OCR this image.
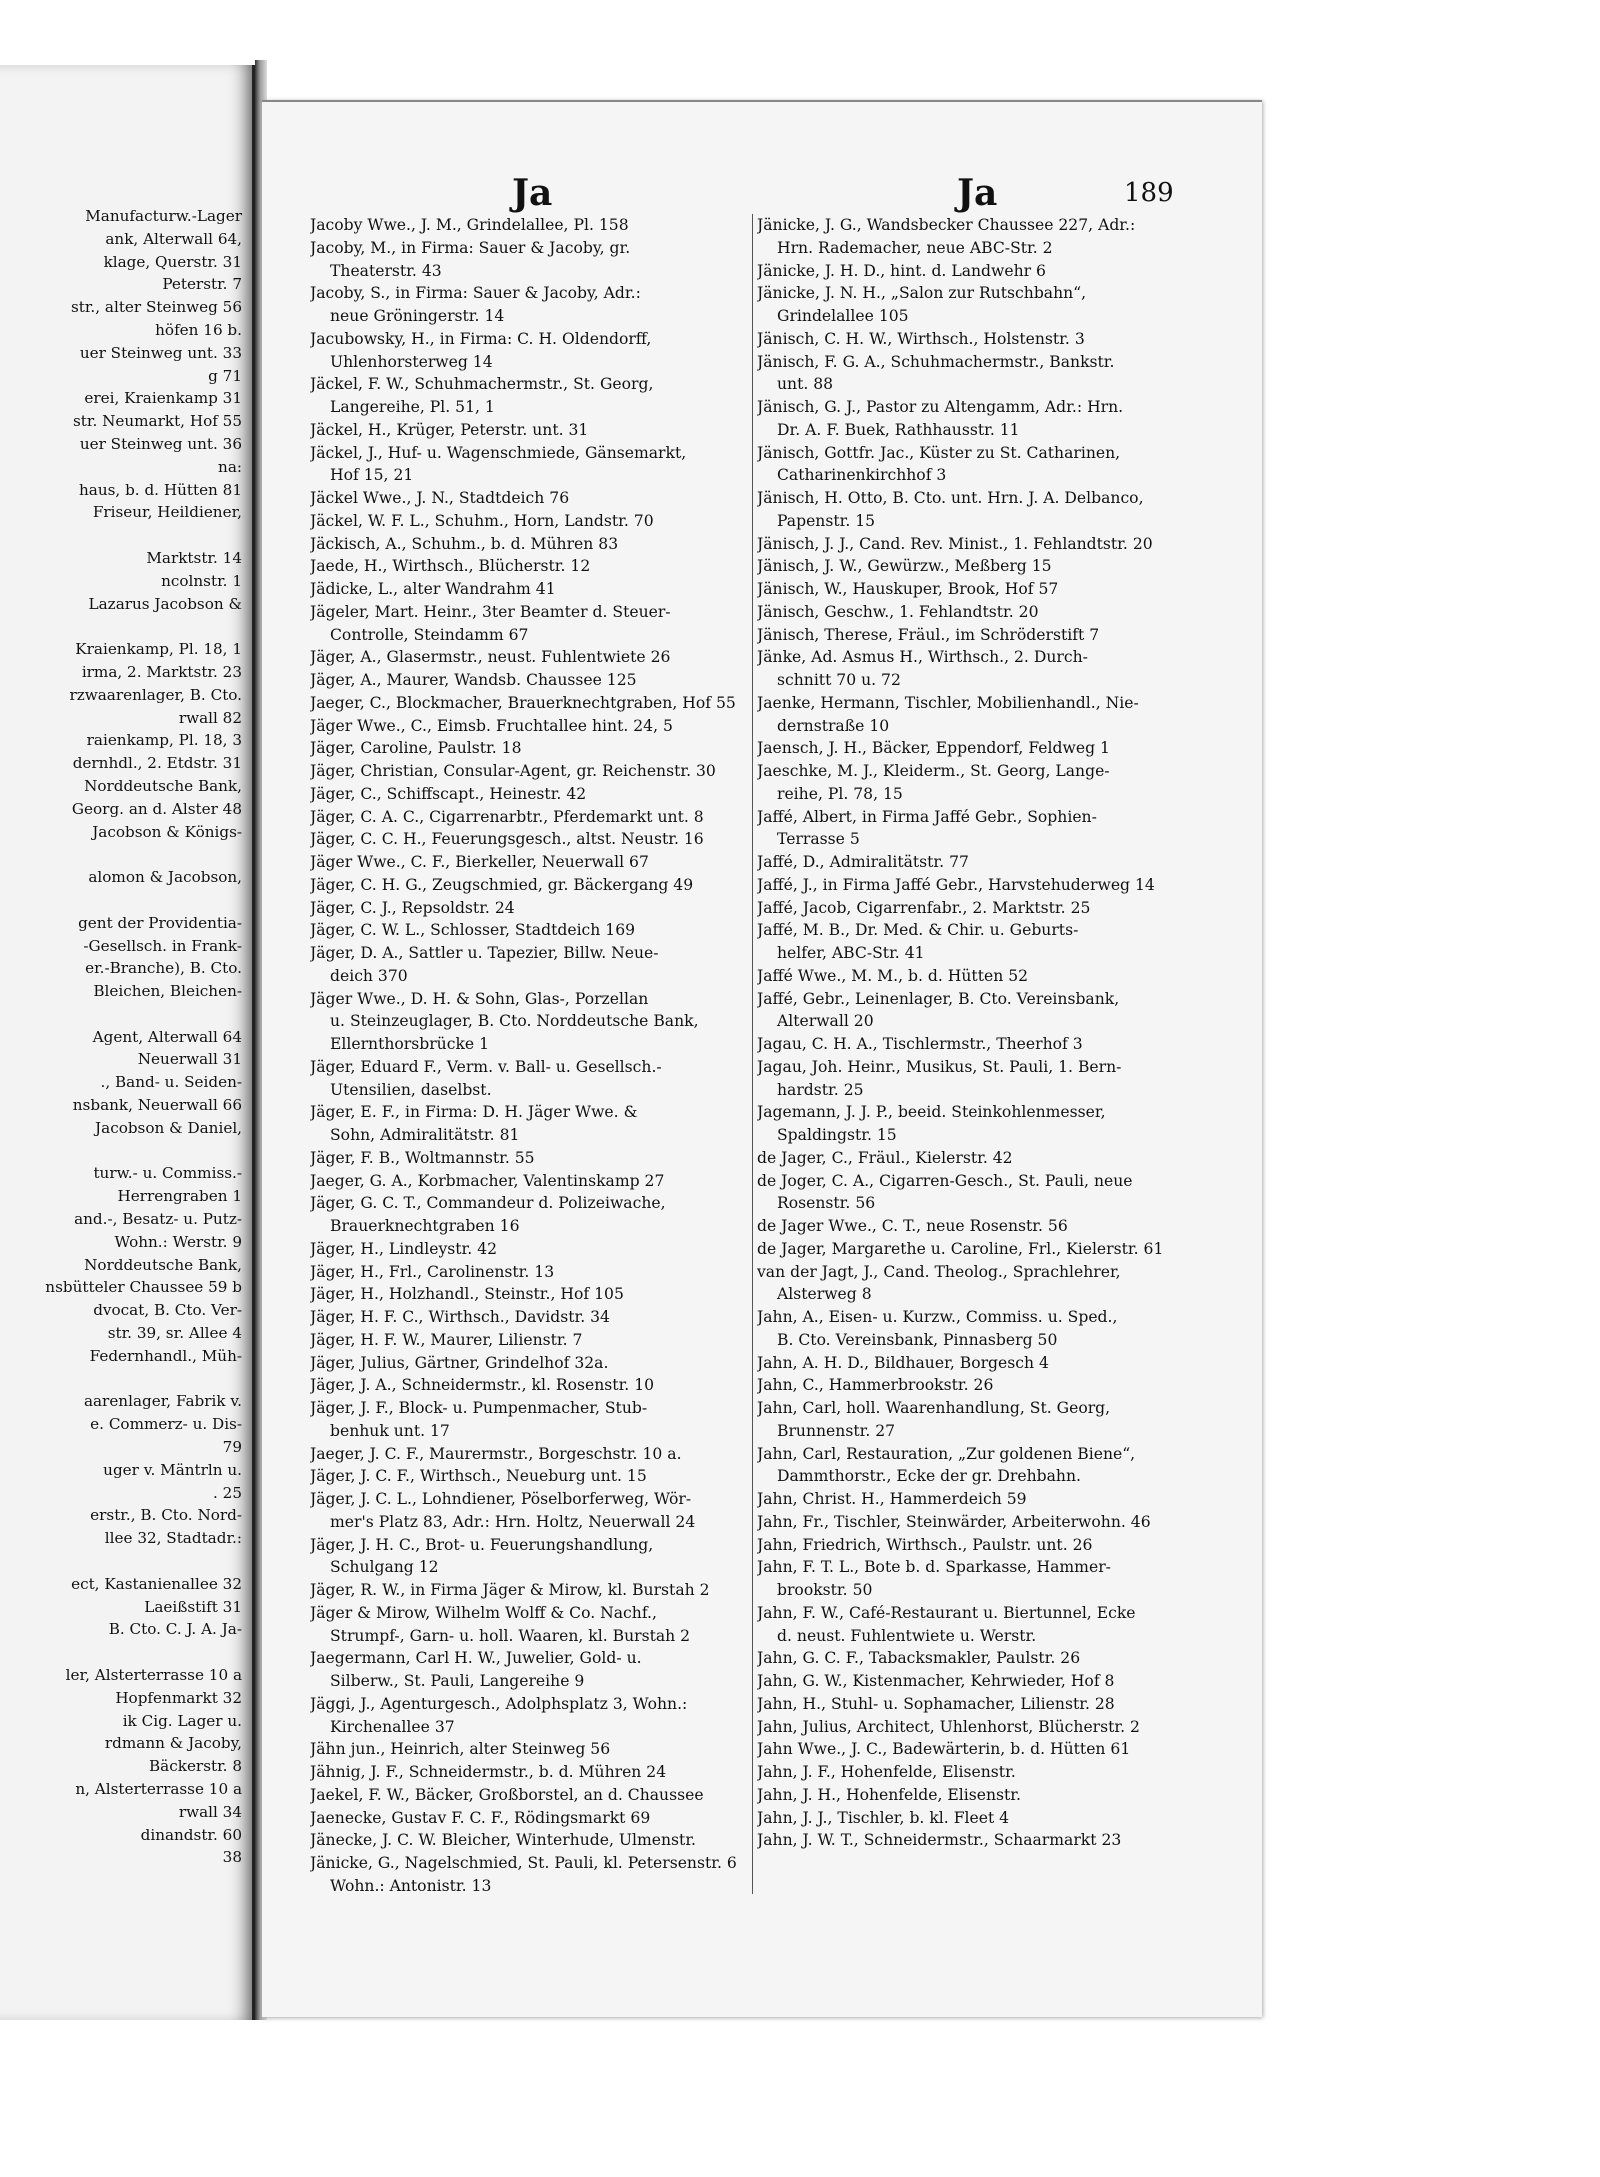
Manufacturw.-Lager
ank, Alterwall 64,
klage, Querstr. 31
Peterstr. 7
str., alter Steinweg 56
höfen 16 b.
uer Steinweg unt. 33
g 71
erei, Kraienkamp 31
str. Neumarkt, Hof 55
uer Steinweg unt. 36
na:
haus, b. d. Hütten 81
Friseur, Heildiener,

Marktstr. 14
ncolnstr. 1
Lazarus Jacobson &

Kraienkamp, Pl. 18, 1
irma, 2. Marktstr. 23
rzwaarenlager, B. Cto.
rwall 82
raienkamp, Pl. 18, 3
dernhdl., 2. Etdstr. 31
Norddeutsche Bank,
Georg. an d. Alster 48
Jacobson & Königs-

alomon & Jacobson,

gent der Providentia-
-Gesellsch. in Frank-
er.-Branche), B. Cto.
Bleichen, Bleichen-

Agent, Alterwall 64
Neuerwall 31
., Band- u. Seiden-
nsbank, Neuerwall 66
Jacobson & Daniel,

turw.- u. Commiss.-
Herrengraben 1
and.-, Besatz- u. Putz-
Wohn.: Werstr. 9
Norddeutsche Bank,
nsbütteler Chaussee 59 b
dvocat, B. Cto. Ver-
str. 39, sr. Allee 4
Federnhandl., Müh-

aarenlager, Fabrik v.
e. Commerz- u. Dis-
79
uger v. Mäntrln u.
. 25
erstr., B. Cto. Nord-
llee 32, Stadtadr.:

ect, Kastanienallee 32
Laeißstift 31
B. Cto. C. J. A. Ja-

ler, Alsterterrasse 10 a
Hopfenmarkt 32
ik Cig. Lager u.
rdmann & Jacoby,
Bäckerstr. 8
n, Alsterterrasse 10 a
rwall 34
dinandstr. 60
38
Ja	Ja	189
Jacoby Wwe., J. M., Grindelallee, Pl. 158
Jacoby, M., in Firma: Sauer & Jacoby, gr.
Theaterstr. 43
Jacoby, S., in Firma: Sauer & Jacoby, Adr.:
neue Gröningerstr. 14
Jacubowsky, H., in Firma: C. H. Oldendorff,
Uhlenhorsterweg 14
Jäckel, F. W., Schuhmachermstr., St. Georg,
Langereihe, Pl. 51, 1
Jäckel, H., Krüger, Peterstr. unt. 31
Jäckel, J., Huf- u. Wagenschmiede, Gänsemarkt,
Hof 15, 21
Jäckel Wwe., J. N., Stadtdeich 76
Jäckel, W. F. L., Schuhm., Horn, Landstr. 70
Jäckisch, A., Schuhm., b. d. Mühren 83
Jaede, H., Wirthsch., Blücherstr. 12
Jädicke, L., alter Wandrahm 41
Jägeler, Mart. Heinr., 3ter Beamter d. Steuer-
Controlle, Steindamm 67
Jäger, A., Glasermstr., neust. Fuhlentwiete 26
Jäger, A., Maurer, Wandsb. Chaussee 125
Jaeger, C., Blockmacher, Brauerknechtgraben, Hof 55
Jäger Wwe., C., Eimsb. Fruchtallee hint. 24, 5
Jäger, Caroline, Paulstr. 18
Jäger, Christian, Consular-Agent, gr. Reichenstr. 30
Jäger, C., Schiffscapt., Heinestr. 42
Jäger, C. A. C., Cigarrenarbtr., Pferdemarkt unt. 8
Jäger, C. C. H., Feuerungsgesch., altst. Neustr. 16
Jäger Wwe., C. F., Bierkeller, Neuerwall 67
Jäger, C. H. G., Zeugschmied, gr. Bäckergang 49
Jäger, C. J., Repsoldstr. 24
Jäger, C. W. L., Schlosser, Stadtdeich 169
Jäger, D. A., Sattler u. Tapezier, Billw. Neue-
deich 370
Jäger Wwe., D. H. & Sohn, Glas-, Porzellan
u. Steinzeuglager, B. Cto. Norddeutsche Bank,
Ellernthorsbrücke 1
Jäger, Eduard F., Verm. v. Ball- u. Gesellsch.-
Utensilien, daselbst.
Jäger, E. F., in Firma: D. H. Jäger Wwe. &
Sohn, Admiralitätstr. 81
Jäger, F. B., Woltmannstr. 55
Jaeger, G. A., Korbmacher, Valentinskamp 27
Jäger, G. C. T., Commandeur d. Polizeiwache,
Brauerknechtgraben 16
Jäger, H., Lindleystr. 42
Jäger, H., Frl., Carolinenstr. 13
Jäger, H., Holzhandl., Steinstr., Hof 105
Jäger, H. F. C., Wirthsch., Davidstr. 34
Jäger, H. F. W., Maurer, Lilienstr. 7
Jäger, Julius, Gärtner, Grindelhof 32a.
Jäger, J. A., Schneidermstr., kl. Rosenstr. 10
Jäger, J. F., Block- u. Pumpenmacher, Stub-
benhuk unt. 17
Jaeger, J. C. F., Maurermstr., Borgeschstr. 10 a.
Jäger, J. C. F., Wirthsch., Neueburg unt. 15
Jäger, J. C. L., Lohndiener, Pöselborferweg, Wör-
mer's Platz 83, Adr.: Hrn. Holtz, Neuerwall 24
Jäger, J. H. C., Brot- u. Feuerungshandlung,
Schulgang 12
Jäger, R. W., in Firma Jäger & Mirow, kl. Burstah 2
Jäger & Mirow, Wilhelm Wolff & Co. Nachf.,
Strumpf-, Garn- u. holl. Waaren, kl. Burstah 2
Jaegermann, Carl H. W., Juwelier, Gold- u.
Silberw., St. Pauli, Langereihe 9
Jäggi, J., Agenturgesch., Adolphsplatz 3, Wohn.:
Kirchenallee 37
Jähn jun., Heinrich, alter Steinweg 56
Jähnig, J. F., Schneidermstr., b. d. Mühren 24
Jaekel, F. W., Bäcker, Großborstel, an d. Chaussee
Jaenecke, Gustav F. C. F., Rödingsmarkt 69
Jänecke, J. C. W. Bleicher, Winterhude, Ulmenstr.
Jänicke, G., Nagelschmied, St. Pauli, kl. Petersenstr. 6
Wohn.: Antonistr. 13
Jänicke, J. G., Wandsbecker Chaussee 227, Adr.:
Hrn. Rademacher, neue ABC-Str. 2
Jänicke, J. H. D., hint. d. Landwehr 6
Jänicke, J. N. H., „Salon zur Rutschbahn“,
Grindelallee 105
Jänisch, C. H. W., Wirthsch., Holstenstr. 3
Jänisch, F. G. A., Schuhmachermstr., Bankstr.
unt. 88
Jänisch, G. J., Pastor zu Altengamm, Adr.: Hrn.
Dr. A. F. Buek, Rathhausstr. 11
Jänisch, Gottfr. Jac., Küster zu St. Catharinen,
Catharinenkirchhof 3
Jänisch, H. Otto, B. Cto. unt. Hrn. J. A. Delbanco,
Papenstr. 15
Jänisch, J. J., Cand. Rev. Minist., 1. Fehlandtstr. 20
Jänisch, J. W., Gewürzw., Meßberg 15
Jänisch, W., Hauskuper, Brook, Hof 57
Jänisch, Geschw., 1. Fehlandtstr. 20
Jänisch, Therese, Fräul., im Schröderstift 7
Jänke, Ad. Asmus H., Wirthsch., 2. Durch-
schnitt 70 u. 72
Jaenke, Hermann, Tischler, Mobilienhandl., Nie-
dernstraße 10
Jaensch, J. H., Bäcker, Eppendorf, Feldweg 1
Jaeschke, M. J., Kleiderm., St. Georg, Lange-
reihe, Pl. 78, 15
Jaffé, Albert, in Firma Jaffé Gebr., Sophien-
Terrasse 5
Jaffé, D., Admiralitätstr. 77
Jaffé, J., in Firma Jaffé Gebr., Harvstehuderweg 14
Jaffé, Jacob, Cigarrenfabr., 2. Marktstr. 25
Jaffé, M. B., Dr. Med. & Chir. u. Geburts-
helfer, ABC-Str. 41
Jaffé Wwe., M. M., b. d. Hütten 52
Jaffé, Gebr., Leinenlager, B. Cto. Vereinsbank,
Alterwall 20
Jagau, C. H. A., Tischlermstr., Theerhof 3
Jagau, Joh. Heinr., Musikus, St. Pauli, 1. Bern-
hardstr. 25
Jagemann, J. J. P., beeid. Steinkohlenmesser,
Spaldingstr. 15
de Jager, C., Fräul., Kielerstr. 42
de Joger, C. A., Cigarren-Gesch., St. Pauli, neue
Rosenstr. 56
de Jager Wwe., C. T., neue Rosenstr. 56
de Jager, Margarethe u. Caroline, Frl., Kielerstr. 61
van der Jagt, J., Cand. Theolog., Sprachlehrer,
Alsterweg 8
Jahn, A., Eisen- u. Kurzw., Commiss. u. Sped.,
B. Cto. Vereinsbank, Pinnasberg 50
Jahn, A. H. D., Bildhauer, Borgesch 4
Jahn, C., Hammerbrookstr. 26
Jahn, Carl, holl. Waarenhandlung, St. Georg,
Brunnenstr. 27
Jahn, Carl, Restauration, „Zur goldenen Biene“,
Dammthorstr., Ecke der gr. Drehbahn.
Jahn, Christ. H., Hammerdeich 59
Jahn, Fr., Tischler, Steinwärder, Arbeiterwohn. 46
Jahn, Friedrich, Wirthsch., Paulstr. unt. 26
Jahn, F. T. L., Bote b. d. Sparkasse, Hammer-
brookstr. 50
Jahn, F. W., Café-Restaurant u. Biertunnel, Ecke
d. neust. Fuhlentwiete u. Werstr.
Jahn, G. C. F., Tabacksmakler, Paulstr. 26
Jahn, G. W., Kistenmacher, Kehrwieder, Hof 8
Jahn, H., Stuhl- u. Sophamacher, Lilienstr. 28
Jahn, Julius, Architect, Uhlenhorst, Blücherstr. 2
Jahn Wwe., J. C., Badewärterin, b. d. Hütten 61
Jahn, J. F., Hohenfelde, Elisenstr.
Jahn, J. H., Hohenfelde, Elisenstr.
Jahn, J. J., Tischler, b. kl. Fleet 4
Jahn, J. W. T., Schneidermstr., Schaarmarkt 23
